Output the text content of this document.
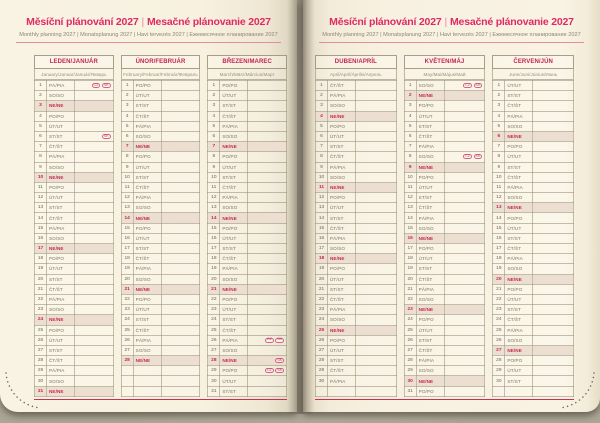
Měsíční plánování 2027 | Mesačné plánovanie 2027
Monthly planning 2027 | Monatsplanung 2027 | Havi tervezés 2027 | Ежемесячное планирование 2027
LEDEN/JANUÁR
January/Januar/Január/Январь
1	PÁ/PIA	CZ SK

2	SO/SO	
3	NE/NE	
4	PO/PO	
5	ÚT/UT	
6	ST/ST	SK

7	ČT/ŠT	
8	PÁ/PIA	
9	SO/SO	
10	NE/NE	
11	PO/PO	
12	ÚT/UT	
13	ST/ST	
14	ČT/ŠT	
15	PÁ/PIA	
16	SO/SO	
17	NE/NE	
18	PO/PO	
19	ÚT/UT	
20	ST/ST	
21	ČT/ŠT	
22	PÁ/PIA	
23	SO/SO	
24	NE/NE	
25	PO/PO	
26	ÚT/UT	
27	ST/ST	
28	ČT/ŠT	
29	PÁ/PIA	
30	SO/SO	
31	NE/NE	
ÚNOR/FEBRUÁR
February/Februar/Február/Февраль
1	PO/PO	
2	ÚT/UT	
3	ST/ST	
4	ČT/ŠT	
5	PÁ/PIA	
6	SO/SO	
7	NE/NE	
8	PO/PO	
9	ÚT/UT	
10	ST/ST	
11	ČT/ŠT	
12	PÁ/PIA	
13	SO/SO	
14	NE/NE	
15	PO/PO	
16	ÚT/UT	
17	ST/ST	
18	ČT/ŠT	
19	PÁ/PIA	
20	SO/SO	
21	NE/NE	
22	PO/PO	
23	ÚT/UT	
24	ST/ST	
25	ČT/ŠT	
26	PÁ/PIA	
27	SO/SO	
28	NE/NE	

BŘEZEN/MAREC
March/März/Március/Март
1	PO/PO	
2	ÚT/UT	
3	ST/ST	
4	ČT/ŠT	
5	PÁ/PIA	
6	SO/SO	
7	NE/NE	
8	PO/PO	
9	ÚT/UT	
10	ST/ST	
11	ČT/ŠT	
12	PÁ/PIA	
13	SO/SO	
14	NE/NE	
15	PO/PO	
16	ÚT/UT	
17	ST/ST	
18	ČT/ŠT	
19	PÁ/PIA	
20	SO/SO	
21	NE/NE	
22	PO/PO	
23	ÚT/UT	
24	ST/ST	
25	ČT/ŠT	
26	PÁ/PIA	CZ SK

27	SO/SO	
28	NE/NE	SK

29	PO/PO	CZ SK

30	ÚT/UT	
31	ST/ST	
Měsíční plánování 2027 | Mesačné plánovanie 2027
Monthly planning 2027 | Monatsplanung 2027 | Havi tervezés 2027 | Ежемесячное планирование 2027
DUBEN/APRÍL
April/April/Április/Апрель
1	ČT/ŠT	
2	PÁ/PIA	
3	SO/SO	
4	NE/NE	
5	PO/PO	
6	ÚT/UT	
7	ST/ST	
8	ČT/ŠT	
9	PÁ/PIA	
10	SO/SO	
11	NE/NE	
12	PO/PO	
13	ÚT/UT	
14	ST/ST	
15	ČT/ŠT	
16	PÁ/PIA	
17	SO/SO	
18	NE/NE	
19	PO/PO	
20	ÚT/UT	
21	ST/ST	
22	ČT/ŠT	
23	PÁ/PIA	
24	SO/SO	
25	NE/NE	
26	PO/PO	
27	ÚT/UT	
28	ST/ST	
29	ČT/ŠT	
30	PÁ/PIA	

KVĚTEN/MÁJ
May/Mai/Május/Май
1	SO/SO	CZ SK

2	NE/NE	
3	PO/PO	
4	ÚT/UT	
5	ST/ST	
6	ČT/ŠT	
7	PÁ/PIA	
8	SO/SO	CZ SK

9	NE/NE	
10	PO/PO	
11	ÚT/UT	
12	ST/ST	
13	ČT/ŠT	
14	PÁ/PIA	
15	SO/SO	
16	NE/NE	
17	PO/PO	
18	ÚT/UT	
19	ST/ST	
20	ČT/ŠT	
21	PÁ/PIA	
22	SO/SO	
23	NE/NE	
24	PO/PO	
25	ÚT/UT	
26	ST/ST	
27	ČT/ŠT	
28	PÁ/PIA	
29	SO/SO	
30	NE/NE	
31	PO/PO	
ČERVEN/JÚN
June/Juni/Június/Июнь
1	ÚT/UT	
2	ST/ST	
3	ČT/ŠT	
4	PÁ/PIA	
5	SO/SO	
6	NE/NE	
7	PO/PO	
8	ÚT/UT	
9	ST/ST	
10	ČT/ŠT	
11	PÁ/PIA	
12	SO/SO	
13	NE/NE	
14	PO/PO	
15	ÚT/UT	
16	ST/ST	
17	ČT/ŠT	
18	PÁ/PIA	
19	SO/SO	
20	NE/NE	
21	PO/PO	
22	ÚT/UT	
23	ST/ST	
24	ČT/ŠT	
25	PÁ/PIA	
26	SO/SO	
27	NE/NE	
28	PO/PO	
29	ÚT/UT	
30	ST/ST	
